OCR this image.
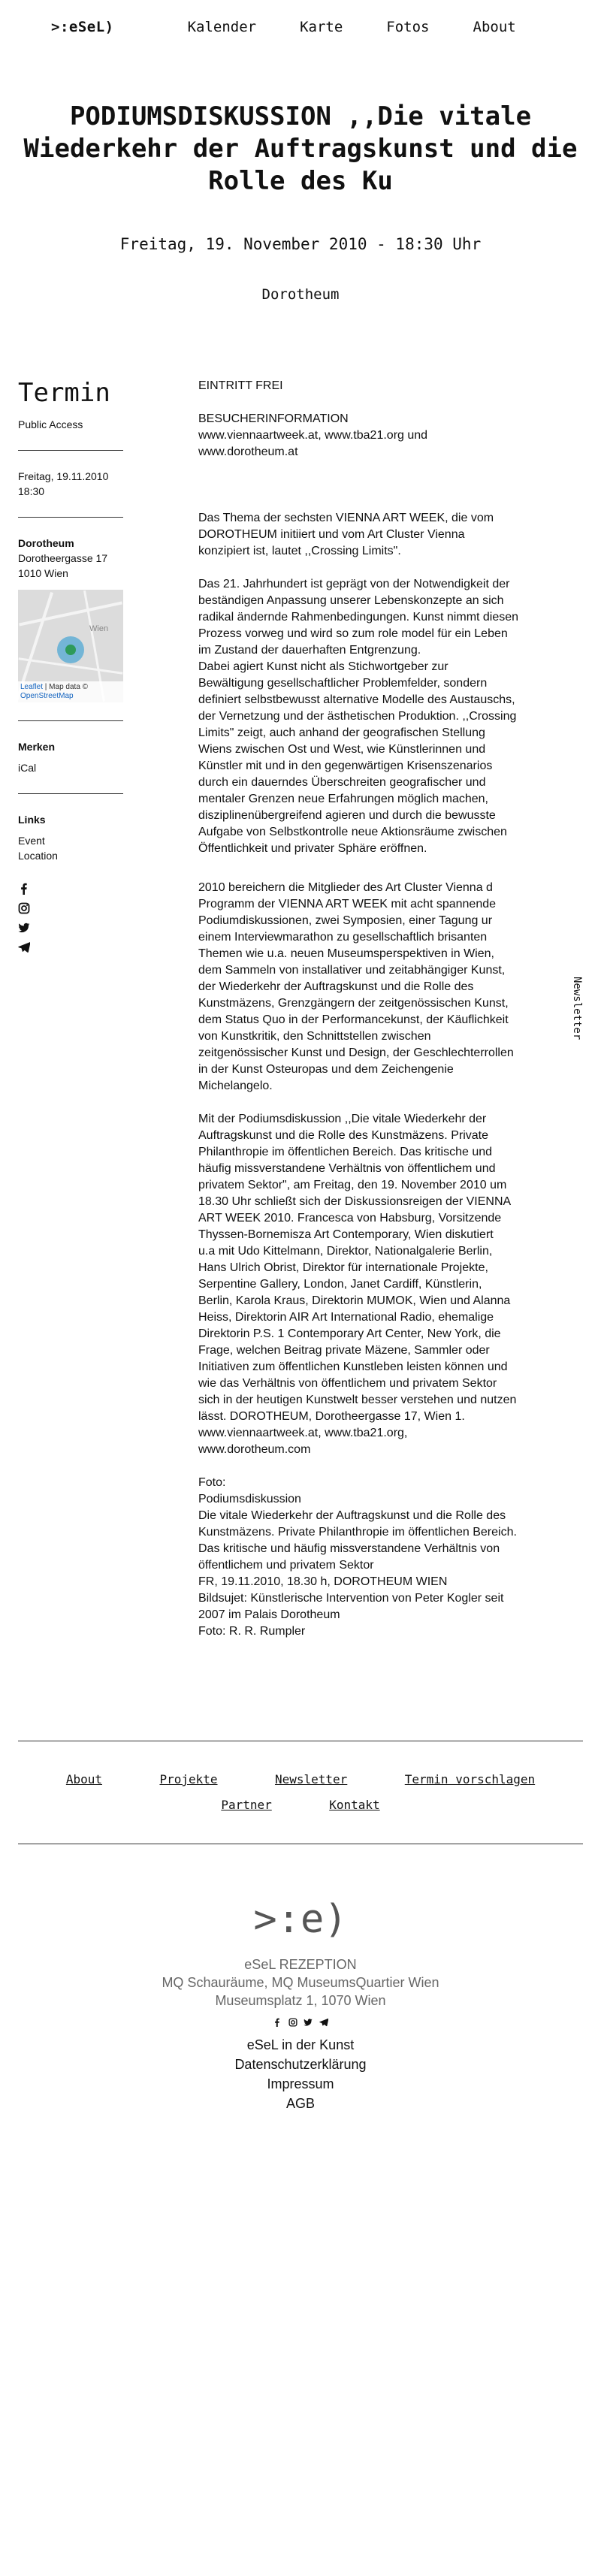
>:eSeL)	Kalender	Karte	Fotos	About
PODIUMSDISKUSSION ,,Die vitale Wiederkehr der Auftragskunst und die Rolle des Ku
Freitag, 19. November 2010 - 18:30 Uhr
Dorotheum
Termin
Public Access
Freitag, 19.11.2010
18:30
Dorotheum
Dorotheergasse 17
1010 Wien
Wien
Leaflet | Map data ©
OpenStreetMap
Merken
iCal
Links
Event
Location

EINTRITT FREI

BESUCHERINFORMATION
www.viennaartweek.at, www.tba21.org und
www.dorotheum.at

Das Thema der sechsten VIENNA ART WEEK, die vom
DOROTHEUM initiiert und vom Art Cluster Vienna
konzipiert ist, lautet ,,Crossing Limits".

Das 21. Jahrhundert ist geprägt von der Notwendigkeit der
beständigen Anpassung unserer Lebenskonzepte an sich
radikal ändernde Rahmenbedingungen. Kunst nimmt diesen
Prozess vorweg und wird so zum role model für ein Leben
im Zustand der dauerhaften Entgrenzung.
Dabei agiert Kunst nicht als Stichwortgeber zur
Bewältigung gesellschaftlicher Problemfelder, sondern
definiert selbstbewusst alternative Modelle des Austauschs,
der Vernetzung und der ästhetischen Produktion. ,,Crossing
Limits" zeigt, auch anhand der geografischen Stellung
Wiens zwischen Ost und West, wie Künstlerinnen und
Künstler mit und in den gegenwärtigen Krisenszenarios
durch ein dauerndes Überschreiten geografischer und
mentaler Grenzen neue Erfahrungen möglich machen,
disziplinenübergreifend agieren und durch die bewusste
Aufgabe von Selbstkontrolle neue Aktionsräume zwischen
Öffentlichkeit und privater Sphäre eröffnen.

2010 bereichern die Mitglieder des Art Cluster Vienna d
Programm der VIENNA ART WEEK mit acht spannende
Podiumdiskussionen, zwei Symposien, einer Tagung ur
einem Interviewmarathon zu gesellschaftlich brisanten
Themen wie u.a. neuen Museumsperspektiven in Wien,
dem Sammeln von installativer und zeitabhängiger Kunst,
der Wiederkehr der Auftragskunst und die Rolle des
Kunstmäzens, Grenzgängern der zeitgenössischen Kunst,
dem Status Quo in der Performancekunst, der Käuflichkeit
von Kunstkritik, den Schnittstellen zwischen
zeitgenössischer Kunst und Design, der Geschlechterrollen
in der Kunst Osteuropas und dem Zeichengenie
Michelangelo.

Mit der Podiumsdiskussion ,,Die vitale Wiederkehr der
Auftragskunst und die Rolle des Kunstmäzens. Private
Philanthropie im öffentlichen Bereich. Das kritische und
häufig missverstandene Verhältnis von öffentlichem und
privatem Sektor", am Freitag, den 19. November 2010 um
18.30 Uhr schließt sich der Diskussionsreigen der VIENNA
ART WEEK 2010. Francesca von Habsburg, Vorsitzende
Thyssen-Bornemisza Art Contemporary, Wien diskutiert
u.a mit Udo Kittelmann, Direktor, Nationalgalerie Berlin,
Hans Ulrich Obrist, Direktor für internationale Projekte,
Serpentine Gallery, London, Janet Cardiff, Künstlerin,
Berlin, Karola Kraus, Direktorin MUMOK, Wien und Alanna
Heiss, Direktorin AIR Art International Radio, ehemalige
Direktorin P.S. 1 Contemporary Art Center, New York, die
Frage, welchen Beitrag private Mäzene, Sammler oder
Initiativen zum öffentlichen Kunstleben leisten können und
wie das Verhältnis von öffentlichem und privatem Sektor
sich in der heutigen Kunstwelt besser verstehen und nutzen
lässt. DOROTHEUM, Dorotheergasse 17, Wien 1.
www.viennaartweek.at, www.tba21.org,
www.dorotheum.com

Foto:
Podiumsdiskussion
Die vitale Wiederkehr der Auftragskunst und die Rolle des
Kunstmäzens. Private Philanthropie im öffentlichen Bereich.
Das kritische und häufig missverstandene Verhältnis von
öffentlichem und privatem Sektor
FR, 19.11.2010, 18.30 h, DOROTHEUM WIEN
Bildsujet: Künstlerische Intervention von Peter Kogler seit
2007 im Palais Dorotheum
Foto: R. R. Rumpler

Newsletter
About	Projekte	Newsletter	Termin vorschlagen
Partner	Kontakt
>:e)
eSeL REZEPTION
MQ Schauräume, MQ MuseumsQuartier Wien
Museumsplatz 1, 1070 Wien

eSeL in der Kunst
Datenschutzerklärung
Impressum
AGB
